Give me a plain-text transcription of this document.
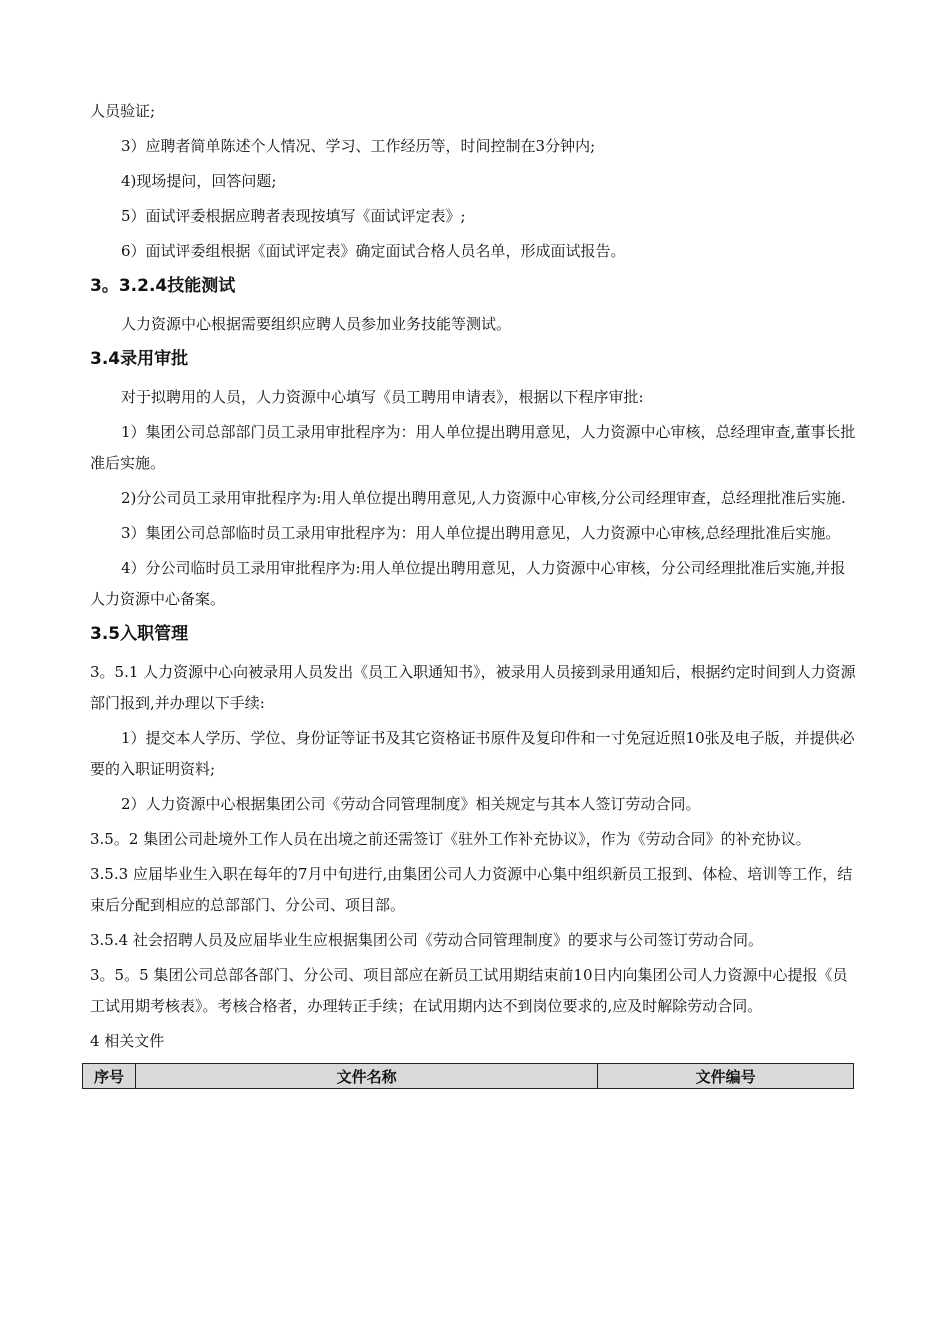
人员验证;

3）应聘者简单陈述个人情况、学习、工作经历等，时间控制在3分钟内;

4)现场提问，回答问题;

5）面试评委根据应聘者表现按填写《面试评定表》;

6）面试评委组根据《面试评定表》确定面试合格人员名单，形成面试报告。

3。3.2.4技能测试

人力资源中心根据需要组织应聘人员参加业务技能等测试。

3.4录用审批

对于拟聘用的人员，人力资源中心填写《员工聘用申请表》，根据以下程序审批:

1）集团公司总部部门员工录用审批程序为：用人单位提出聘用意见，人力资源中心审核，总经理审查,董事长批准后实施。

2)分公司员工录用审批程序为:用人单位提出聘用意见,人力资源中心审核,分公司经理审查，总经理批准后实施.

3）集团公司总部临时员工录用审批程序为：用人单位提出聘用意见，人力资源中心审核,总经理批准后实施。

4）分公司临时员工录用审批程序为:用人单位提出聘用意见，人力资源中心审核，分公司经理批准后实施,并报人力资源中心备案。

3.5入职管理

3。5.1 人力资源中心向被录用人员发出《员工入职通知书》，被录用人员接到录用通知后，根据约定时间到人力资源部门报到,并办理以下手续:

1）提交本人学历、学位、身份证等证书及其它资格证书原件及复印件和一寸免冠近照10张及电子版，并提供必要的入职证明资料;

2）人力资源中心根据集团公司《劳动合同管理制度》相关规定与其本人签订劳动合同。

3.5。2 集团公司赴境外工作人员在出境之前还需签订《驻外工作补充协议》，作为《劳动合同》的补充协议。

3.5.3 应届毕业生入职在每年的7月中旬进行,由集团公司人力资源中心集中组织新员工报到、体检、培训等工作，结束后分配到相应的总部部门、分公司、项目部。

3.5.4 社会招聘人员及应届毕业生应根据集团公司《劳动合同管理制度》的要求与公司签订劳动合同。

3。5。5 集团公司总部各部门、分公司、项目部应在新员工试用期结束前10日内向集团公司人力资源中心提报《员工试用期考核表》。考核合格者，办理转正手续；在试用期内达不到岗位要求的,应及时解除劳动合同。

4 相关文件

序号	文件名称	文件编号
